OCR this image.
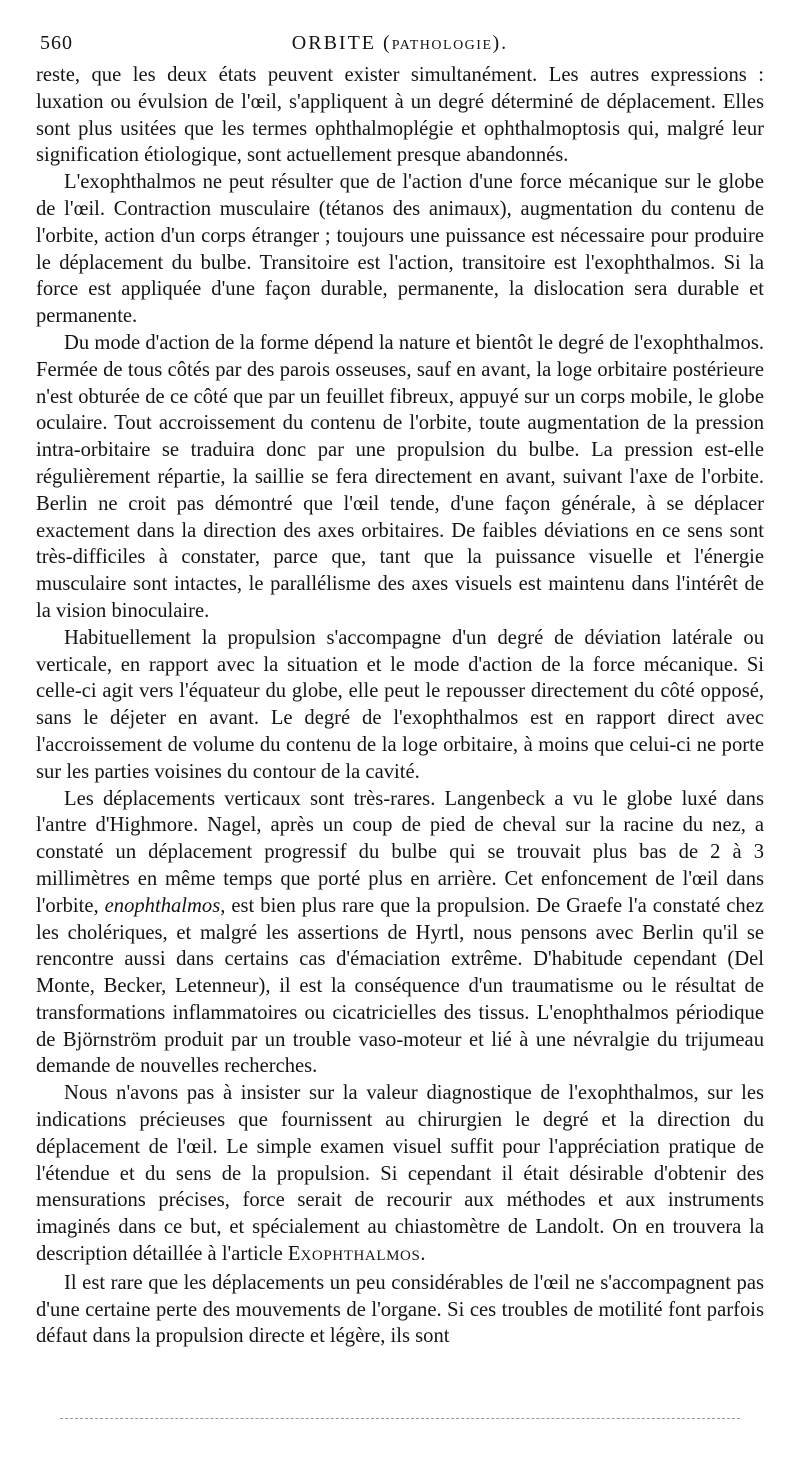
560	ORBITE (PATHOLOGIE).

reste, que les deux états peuvent exister simultanément. Les autres expressions : luxation ou évulsion de l'œil, s'appliquent à un degré déterminé de déplacement. Elles sont plus usitées que les termes ophthalmoplégie et ophthalmoptosis qui, malgré leur signification étiologique, sont actuellement presque abandonnés.

L'exophthalmos ne peut résulter que de l'action d'une force mécanique sur le globe de l'œil. Contraction musculaire (tétanos des animaux), augmentation du contenu de l'orbite, action d'un corps étranger ; toujours une puissance est nécessaire pour produire le déplacement du bulbe. Transitoire est l'action, transitoire est l'exophthalmos. Si la force est appliquée d'une façon durable, permanente, la dislocation sera durable et permanente.

Du mode d'action de la forme dépend la nature et bientôt le degré de l'exophthalmos. Fermée de tous côtés par des parois osseuses, sauf en avant, la loge orbitaire postérieure n'est obturée de ce côté que par un feuillet fibreux, appuyé sur un corps mobile, le globe oculaire. Tout accroissement du contenu de l'orbite, toute augmentation de la pression intra-orbitaire se traduira donc par une propulsion du bulbe. La pression est-elle régulièrement répartie, la saillie se fera directement en avant, suivant l'axe de l'orbite. Berlin ne croit pas démontré que l'œil tende, d'une façon générale, à se déplacer exactement dans la direction des axes orbitaires. De faibles déviations en ce sens sont très-difficiles à constater, parce que, tant que la puissance visuelle et l'énergie musculaire sont intactes, le parallélisme des axes visuels est maintenu dans l'intérêt de la vision binoculaire.

Habituellement la propulsion s'accompagne d'un degré de déviation latérale ou verticale, en rapport avec la situation et le mode d'action de la force mécanique. Si celle-ci agit vers l'équateur du globe, elle peut le repousser directement du côté opposé, sans le déjeter en avant. Le degré de l'exophthalmos est en rapport direct avec l'accroissement de volume du contenu de la loge orbitaire, à moins que celui-ci ne porte sur les parties voisines du contour de la cavité.

Les déplacements verticaux sont très-rares. Langenbeck a vu le globe luxé dans l'antre d'Highmore. Nagel, après un coup de pied de cheval sur la racine du nez, a constaté un déplacement progressif du bulbe qui se trouvait plus bas de 2 à 3 millimètres en même temps que porté plus en arrière. Cet enfoncement de l'œil dans l'orbite, enophthalmos, est bien plus rare que la propulsion. De Graefe l'a constaté chez les cholériques, et malgré les assertions de Hyrtl, nous pensons avec Berlin qu'il se rencontre aussi dans certains cas d'émaciation extrême. D'habitude cependant (Del Monte, Becker, Letenneur), il est la conséquence d'un traumatisme ou le résultat de transformations inflammatoires ou cicatricielles des tissus. L'enophthalmos périodique de Björnström produit par un trouble vaso-moteur et lié à une névralgie du trijumeau demande de nouvelles recherches.

Nous n'avons pas à insister sur la valeur diagnostique de l'exophthalmos, sur les indications précieuses que fournissent au chirurgien le degré et la direction du déplacement de l'œil. Le simple examen visuel suffit pour l'appréciation pratique de l'étendue et du sens de la propulsion. Si cependant il était désirable d'obtenir des mensurations précises, force serait de recourir aux méthodes et aux instruments imaginés dans ce but, et spécialement au chiastomètre de Landolt. On en trouvera la description détaillée à l'article EXOPHTHALMOS.

Il est rare que les déplacements un peu considérables de l'œil ne s'accompagnent pas d'une certaine perte des mouvements de l'organe. Si ces troubles de motilité font parfois défaut dans la propulsion directe et légère, ils sont
